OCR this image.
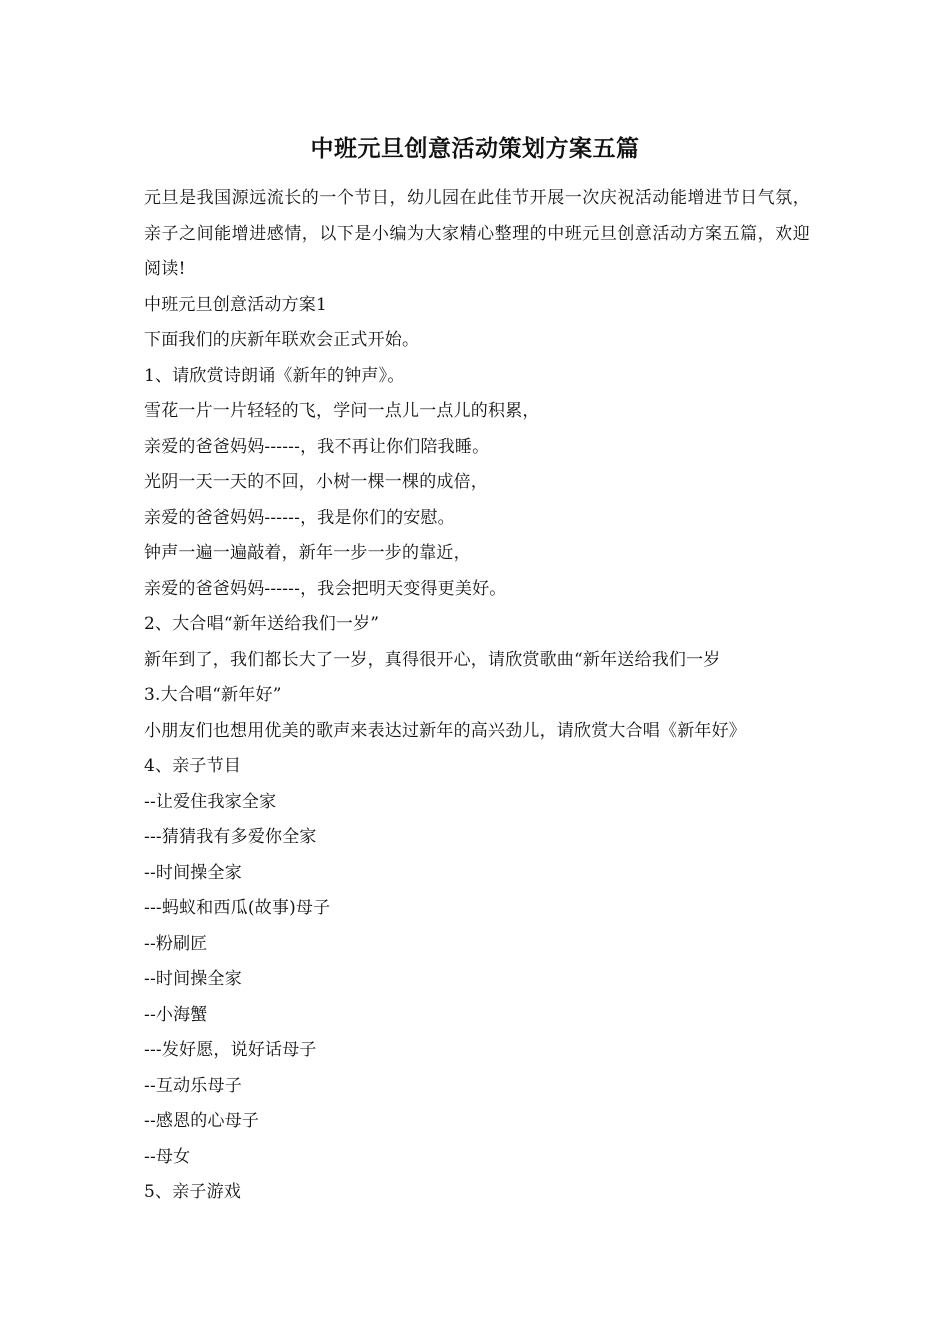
中班元旦创意活动策划方案五篇

元旦是我国源远流长的一个节日，幼儿园在此佳节开展一次庆祝活动能增进节日气氛，亲子之间能增进感情，以下是小编为大家精心整理的中班元旦创意活动方案五篇，欢迎阅读!

中班元旦创意活动方案1
下面我们的庆新年联欢会正式开始。
1、请欣赏诗朗诵《新年的钟声》。
雪花一片一片轻轻的飞，学问一点儿一点儿的积累，
亲爱的爸爸妈妈------，我不再让你们陪我睡。
光阴一天一天的不回，小树一棵一棵的成倍，
亲爱的爸爸妈妈------，我是你们的安慰。
钟声一遍一遍敲着，新年一步一步的靠近，
亲爱的爸爸妈妈------，我会把明天变得更美好。
2、大合唱“新年送给我们一岁”
新年到了，我们都长大了一岁，真得很开心，请欣赏歌曲“新年送给我们一岁
3.大合唱“新年好”
小朋友们也想用优美的歌声来表达过新年的高兴劲儿，请欣赏大合唱《新年好》
4、亲子节目
--让爱住我家全家
---猜猜我有多爱你全家
--时间操全家
---蚂蚁和西瓜(故事)母子
--粉刷匠
--时间操全家
--小海蟹
---发好愿，说好话母子
--互动乐母子
--感恩的心母子
--母女
5、亲子游戏
